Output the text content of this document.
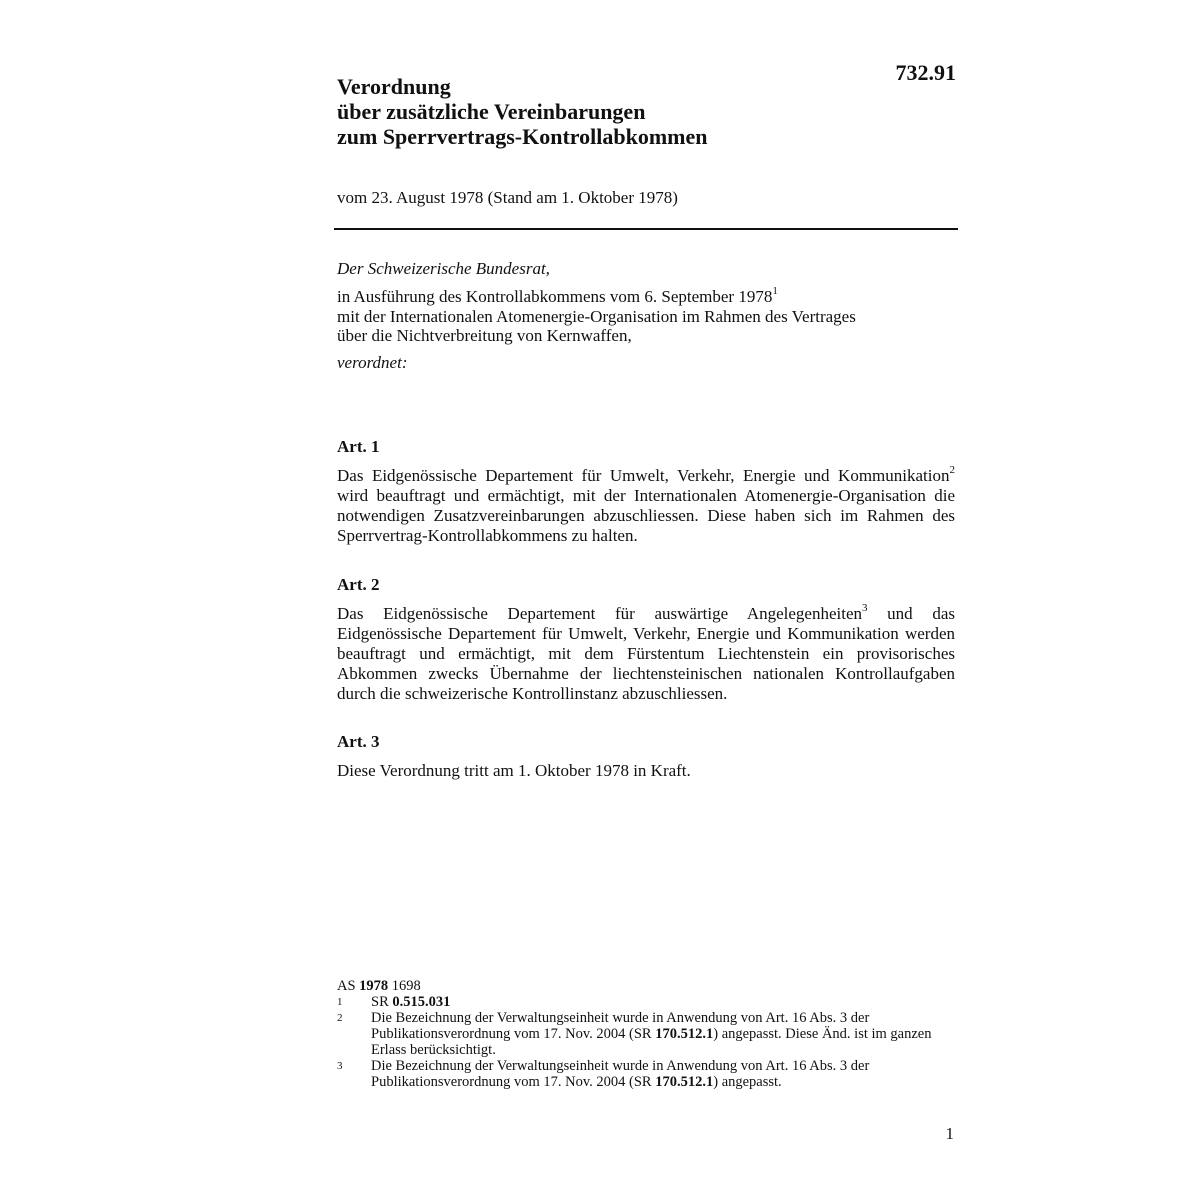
732.91
Verordnung
über zusätzliche Vereinbarungen
zum Sperrvertrags-Kontrollabkommen
vom 23. August 1978 (Stand am 1. Oktober 1978)
Der Schweizerische Bundesrat,
in Ausführung des Kontrollabkommens vom 6. September 1978$^1$
mit der Internationalen Atomenergie-Organisation im Rahmen des Vertrages
über die Nichtverbreitung von Kernwaffen,
verordnet:
Art. 1
Das Eidgenössische Departement für Umwelt, Verkehr, Energie und Kommunikation$^2$ wird beauftragt und ermächtigt, mit der Internationalen Atomenergie-Organisation die notwendigen Zusatzvereinbarungen abzuschliessen. Diese haben sich im Rahmen des Sperrvertrag-Kontrollabkommens zu halten.
Art. 2
Das Eidgenössische Departement für auswärtige Angelegenheiten$^3$ und das Eidgenössische Departement für Umwelt, Verkehr, Energie und Kommunikation werden beauftragt und ermächtigt, mit dem Fürstentum Liechtenstein ein provisorisches Abkommen zwecks Übernahme der liechtensteinischen nationalen Kontrollaufgaben durch die schweizerische Kontrollinstanz abzuschliessen.
Art. 3
Diese Verordnung tritt am 1. Oktober 1978 in Kraft.
AS 1978 1698
1 SR 0.515.031
2 Die Bezeichnung der Verwaltungseinheit wurde in Anwendung von Art. 16 Abs. 3 der Publikationsverordnung vom 17. Nov. 2004 (SR 170.512.1) angepasst. Diese Änd. ist im ganzen Erlass berücksichtigt.
3 Die Bezeichnung der Verwaltungseinheit wurde in Anwendung von Art. 16 Abs. 3 der Publikationsverordnung vom 17. Nov. 2004 (SR 170.512.1) angepasst.
1
